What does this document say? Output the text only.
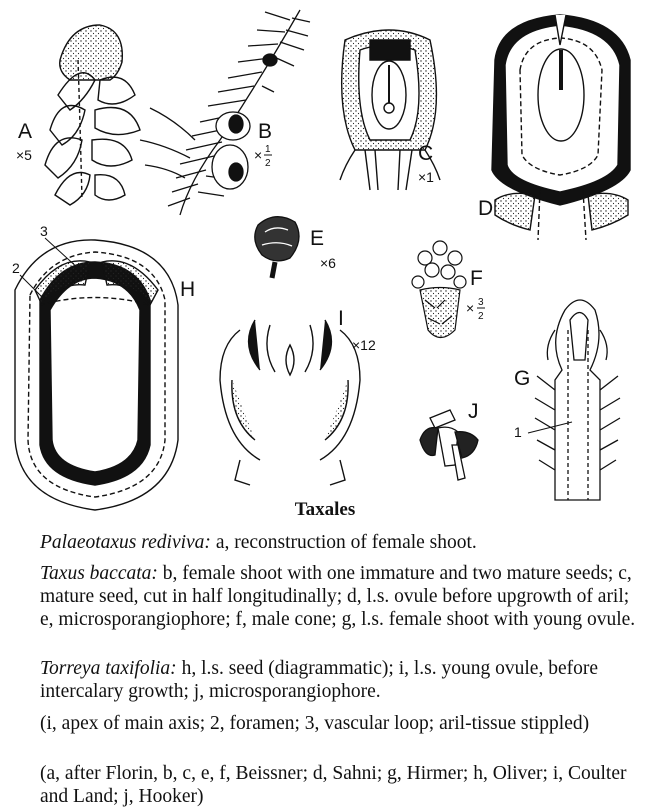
A
×5
B
× 1
2	C
×1
D
E
×6
F
× 3
2
G
H
I
×12
J
1
2
3
Taxales

Palaeotaxus rediviva: a, reconstruction of female shoot.

Taxus baccata: b, female shoot with one immature and two mature seeds; c, mature seed, cut in half longitudinally; d, l.s. ovule before upgrowth of aril; e, microsporangiophore; f, male cone; g, l.s. female shoot with young ovule.

Torreya taxifolia: h, l.s. seed (diagrammatic); i, l.s. young ovule, before intercalary growth; j, microsporangiophore.

(i, apex of main axis; 2, foramen; 3, vascular loop; aril-tissue stippled)

(a, after Florin, b, c, e, f, Beissner; d, Sahni; g, Hirmer; h, Oliver; i, Coulter and Land; j, Hooker)
